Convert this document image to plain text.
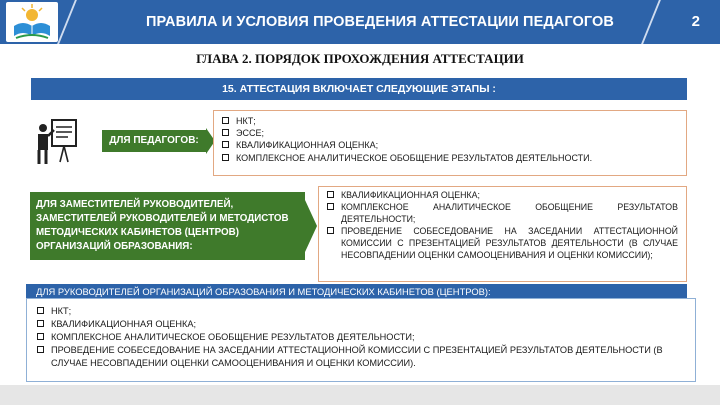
ПРАВИЛА И УСЛОВИЯ ПРОВЕДЕНИЯ АТТЕСТАЦИИ ПЕДАГОГОВ	2
ГЛАВА 2. ПОРЯДОК ПРОХОЖДЕНИЯ АТТЕСТАЦИИ
15. АТТЕСТАЦИЯ ВКЛЮЧАЕТ СЛЕДУЮЩИЕ ЭТАПЫ :
ДЛЯ ПЕДАГОГОВ:
НКТ;
ЭССЕ;
КВАЛИФИКАЦИОННАЯ ОЦЕНКА;
КОМПЛЕКСНОЕ АНАЛИТИЧЕСКОЕ ОБОБЩЕНИЕ РЕЗУЛЬТАТОВ ДЕЯТЕЛЬНОСТИ.
ДЛЯ ЗАМЕСТИТЕЛЕЙ РУКОВОДИТЕЛЕЙ, ЗАМЕСТИТЕЛЕЙ РУКОВОДИТЕЛЕЙ И МЕТОДИСТОВ МЕТОДИЧЕСКИХ КАБИНЕТОВ (ЦЕНТРОВ) ОРГАНИЗАЦИЙ ОБРАЗОВАНИЯ:
КВАЛИФИКАЦИОННАЯ ОЦЕНКА;
КОМПЛЕКСНОЕ АНАЛИТИЧЕСКОЕ ОБОБЩЕНИЕ РЕЗУЛЬТАТОВ ДЕЯТЕЛЬНОСТИ;
ПРОВЕДЕНИЕ СОБЕСЕДОВАНИЕ НА ЗАСЕДАНИИ АТТЕСТАЦИОННОЙ КОМИССИИ С ПРЕЗЕНТАЦИЕЙ РЕЗУЛЬТАТОВ ДЕЯТЕЛЬНОСТИ (В СЛУЧАЕ НЕСОВПАДЕНИИ ОЦЕНКИ САМООЦЕНИВАНИЯ И ОЦЕНКИ КОМИССИИ);
ДЛЯ РУКОВОДИТЕЛЕЙ ОРГАНИЗАЦИЙ ОБРАЗОВАНИЯ И МЕТОДИЧЕСКИХ КАБИНЕТОВ (ЦЕНТРОВ):
НКТ;
КВАЛИФИКАЦИОННАЯ ОЦЕНКА;
КОМПЛЕКСНОЕ АНАЛИТИЧЕСКОЕ ОБОБЩЕНИЕ РЕЗУЛЬТАТОВ ДЕЯТЕЛЬНОСТИ;
ПРОВЕДЕНИЕ СОБЕСЕДОВАНИЕ НА ЗАСЕДАНИИ АТТЕСТАЦИОННОЙ КОМИССИИ С ПРЕЗЕНТАЦИЕЙ РЕЗУЛЬТАТОВ ДЕЯТЕЛЬНОСТИ (В СЛУЧАЕ НЕСОВПАДЕНИИ ОЦЕНКИ САМООЦЕНИВАНИЯ И ОЦЕНКИ КОМИССИИ).
